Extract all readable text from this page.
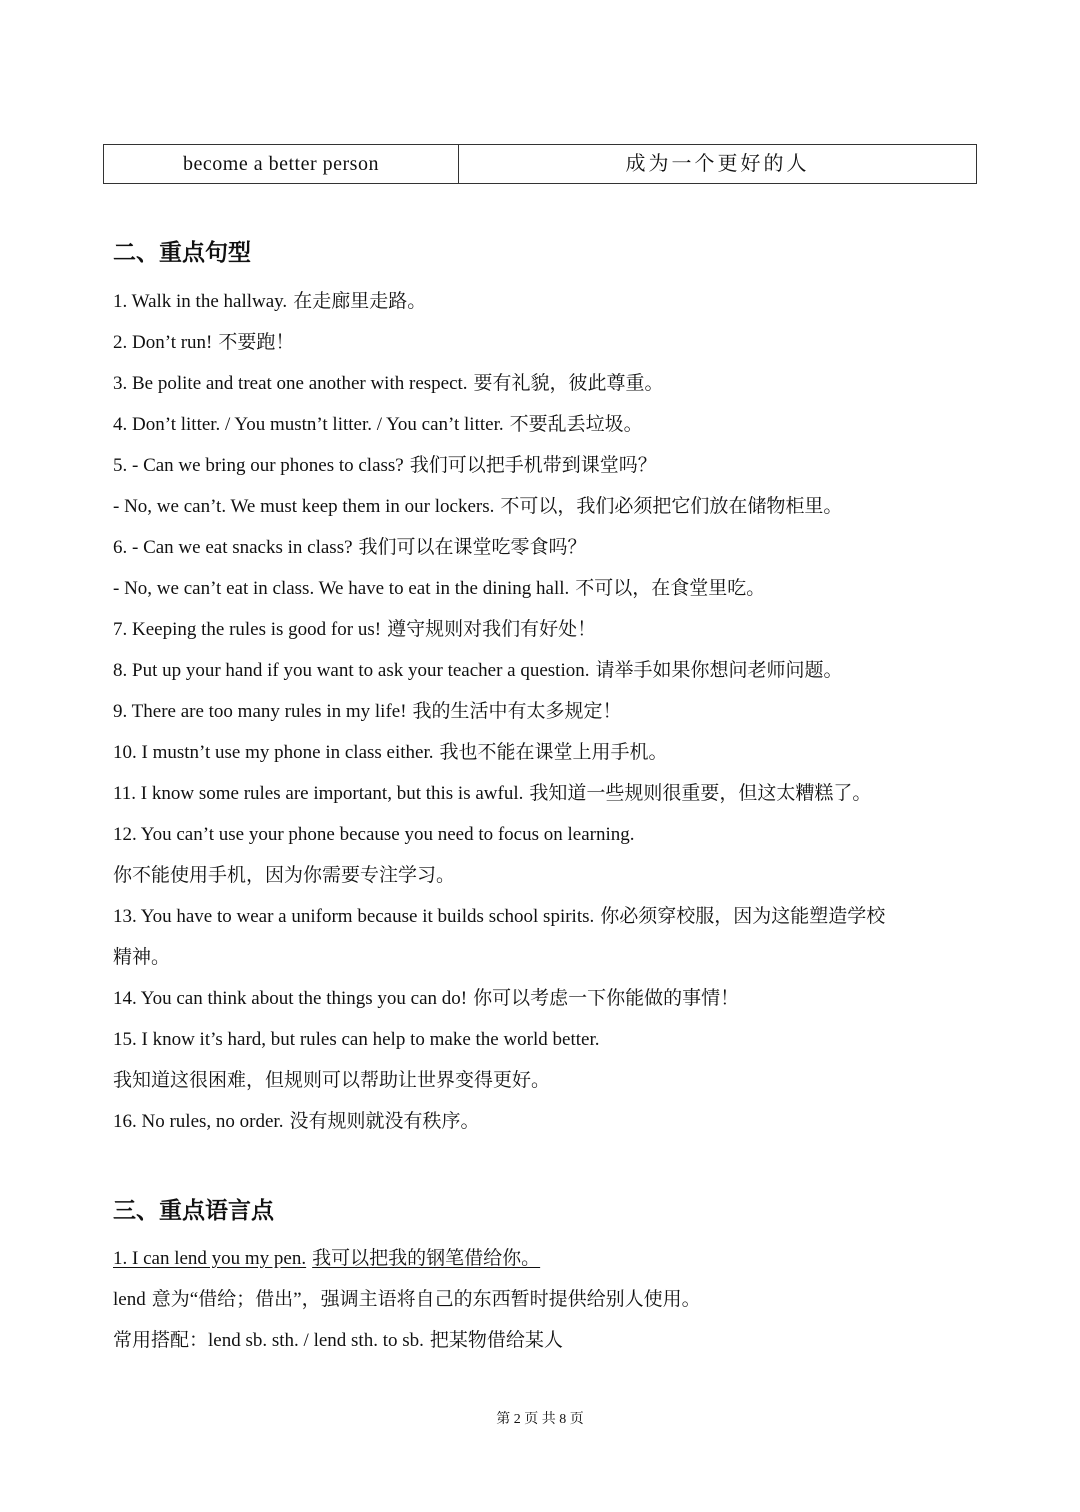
become a better person	成为一个更好的人
二、重点句型

1. Walk in the hallway. 在走廊里走路。

2. Don’t run! 不要跑！

3. Be polite and treat one another with respect. 要有礼貌，彼此尊重。

4. Don’t litter. / You mustn’t litter. / You can’t litter. 不要乱丢垃圾。

5. - Can we bring our phones to class? 我们可以把手机带到课堂吗？

- No, we can’t. We must keep them in our lockers. 不可以，我们必须把它们放在储物柜里。

6. - Can we eat snacks in class? 我们可以在课堂吃零食吗？

- No, we can’t eat in class. We have to eat in the dining hall. 不可以，在食堂里吃。

7. Keeping the rules is good for us! 遵守规则对我们有好处！

8. Put up your hand if you want to ask your teacher a question. 请举手如果你想问老师问题。

9. There are too many rules in my life! 我的生活中有太多规定！

10. I mustn’t use my phone in class either. 我也不能在课堂上用手机。

11. I know some rules are important, but this is awful. 我知道一些规则很重要，但这太糟糕了。

12. You can’t use your phone because you need to focus on learning.

你不能使用手机，因为你需要专注学习。

13. You have to wear a uniform because it builds school spirits. 你必须穿校服，因为这能塑造学校

精神。

14. You can think about the things you can do! 你可以考虑一下你能做的事情！

15. I know it’s hard, but rules can help to make the world better.

我知道这很困难，但规则可以帮助让世界变得更好。

16. No rules, no order. 没有规则就没有秩序。

三、重点语言点

1. I can lend you my pen. 我可以把我的钢笔借给你。

lend 意为“借给；借出”，强调主语将自己的东西暂时提供给别人使用。

常用搭配：lend sb. sth. / lend sth. to sb. 把某物借给某人

第 2 页 共 8 页
